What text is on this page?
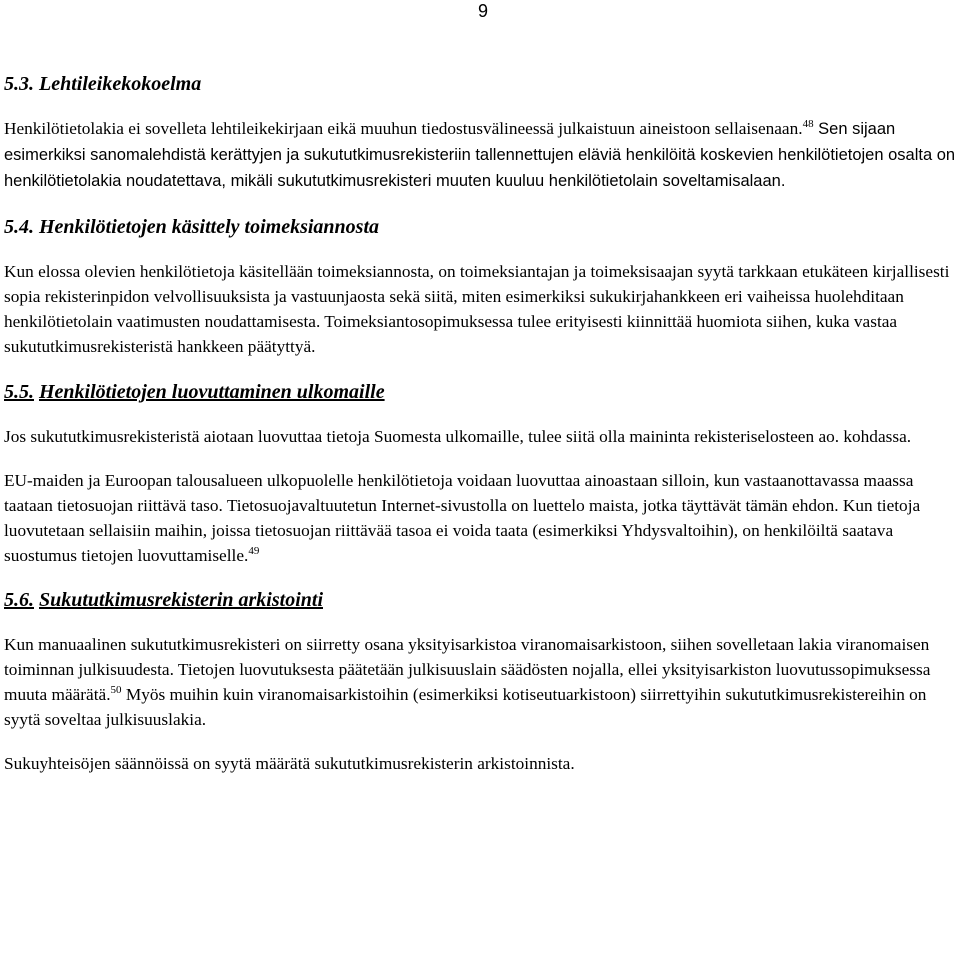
9
5.3. Lehtileikekokoelma

Henkilötietolakia ei sovelleta lehtileikekirjaan eikä muuhun tiedostusvälineessä julkaistuun aineistoon sellaisenaan.$^{48}$ Sen sijaan esimerkiksi sanomalehdistä kerättyjen ja sukututkimusrekisteriin tallennettujen eläviä henkilöitä koskevien henkilötietojen osalta on henkilötietolakia noudatettava, mikäli sukututkimusrekisteri muuten kuuluu henkilötietolain soveltamisalaan.

5.4. Henkilötietojen käsittely toimeksiannosta

Kun elossa olevien henkilötietoja käsitellään toimeksiannosta, on toimeksiantajan ja toimeksisaajan syytä tarkkaan etukäteen kirjallisesti sopia rekisterinpidon velvollisuuksista ja vastuunjaosta sekä siitä, miten esimerkiksi sukukirjahankkeen eri vaiheissa huolehditaan henkilötietolain vaatimusten noudattamisesta. Toimeksiantosopimuksessa tulee erityisesti kiinnittää huomiota siihen, kuka vastaa sukututkimusrekisteristä hankkeen päätyttyä.

5.5. Henkilötietojen luovuttaminen ulkomaille

Jos sukututkimusrekisteristä aiotaan luovuttaa tietoja Suomesta ulkomaille, tulee siitä olla maininta rekisteriselosteen ao. kohdassa.

EU-maiden ja Euroopan talousalueen ulkopuolelle henkilötietoja voidaan luovuttaa ainoastaan silloin, kun vastaanottavassa maassa taataan tietosuojan riittävä taso. Tietosuojavaltuutetun Internet-sivustolla on luettelo maista, jotka täyttävät tämän ehdon. Kun tietoja luovutetaan sellaisiin maihin, joissa tietosuojan riittävää tasoa ei voida taata (esimerkiksi Yhdysvaltoihin), on henkilöiltä saatava suostumus tietojen luovuttamiselle.$^{49}$

5.6. Sukututkimusrekisterin arkistointi

Kun manuaalinen sukututkimusrekisteri on siirretty osana yksityisarkistoa viranomaisarkistoon, siihen sovelletaan lakia viranomaisen toiminnan julkisuudesta. Tietojen luovutuksesta päätetään julkisuuslain säädösten nojalla, ellei yksityisarkiston luovutussopimuksessa muuta määrätä.$^{50}$ Myös muihin kuin viranomaisarkistoihin (esimerkiksi kotiseutuarkistoon) siirrettyihin sukututkimusrekistereihin on syytä soveltaa julkisuuslakia.

Sukuyhteisöjen säännöissä on syytä määrätä sukututkimusrekisterin arkistoinnista.
